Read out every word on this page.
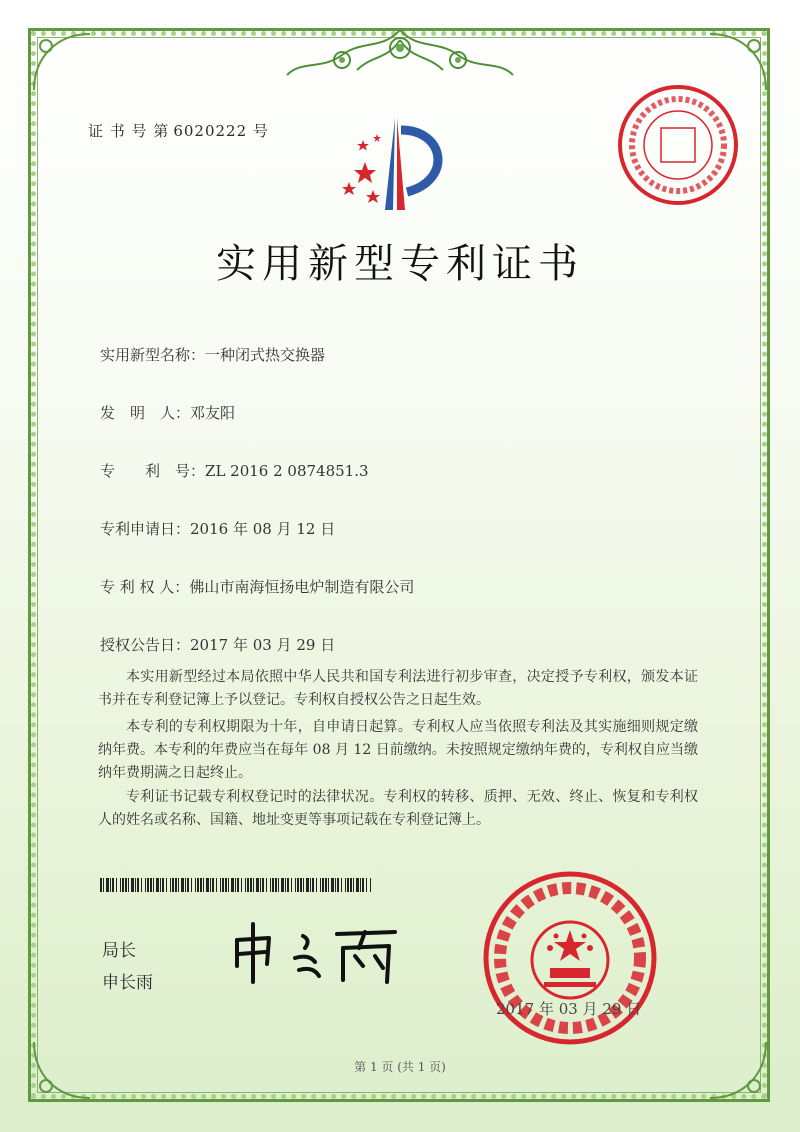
证 书 号 第 6020222 号
实用新型专利证书
实用新型名称：一种闭式热交换器
发　明　人：邓友阳
专　　利　号：ZL 2016 2 0874851.3
专利申请日：2016 年 08 月 12 日
专 利 权 人：佛山市南海恒扬电炉制造有限公司
授权公告日：2017 年 03 月 29 日
本实用新型经过本局依照中华人民共和国专利法进行初步审查，决定授予专利权，颁发本证书并在专利登记簿上予以登记。专利权自授权公告之日起生效。
本专利的专利权期限为十年，自申请日起算。专利权人应当依照专利法及其实施细则规定缴纳年费。本专利的年费应当在每年 08 月 12 日前缴纳。未按照规定缴纳年费的，专利权自应当缴纳年费期满之日起终止。
专利证书记载专利权登记时的法律状况。专利权的转移、质押、无效、终止、恢复和专利权人的姓名或名称、国籍、地址变更等事项记载在专利登记簿上。
局长
申长雨
2017 年 03 月 29 日
第 1 页 (共 1 页)
